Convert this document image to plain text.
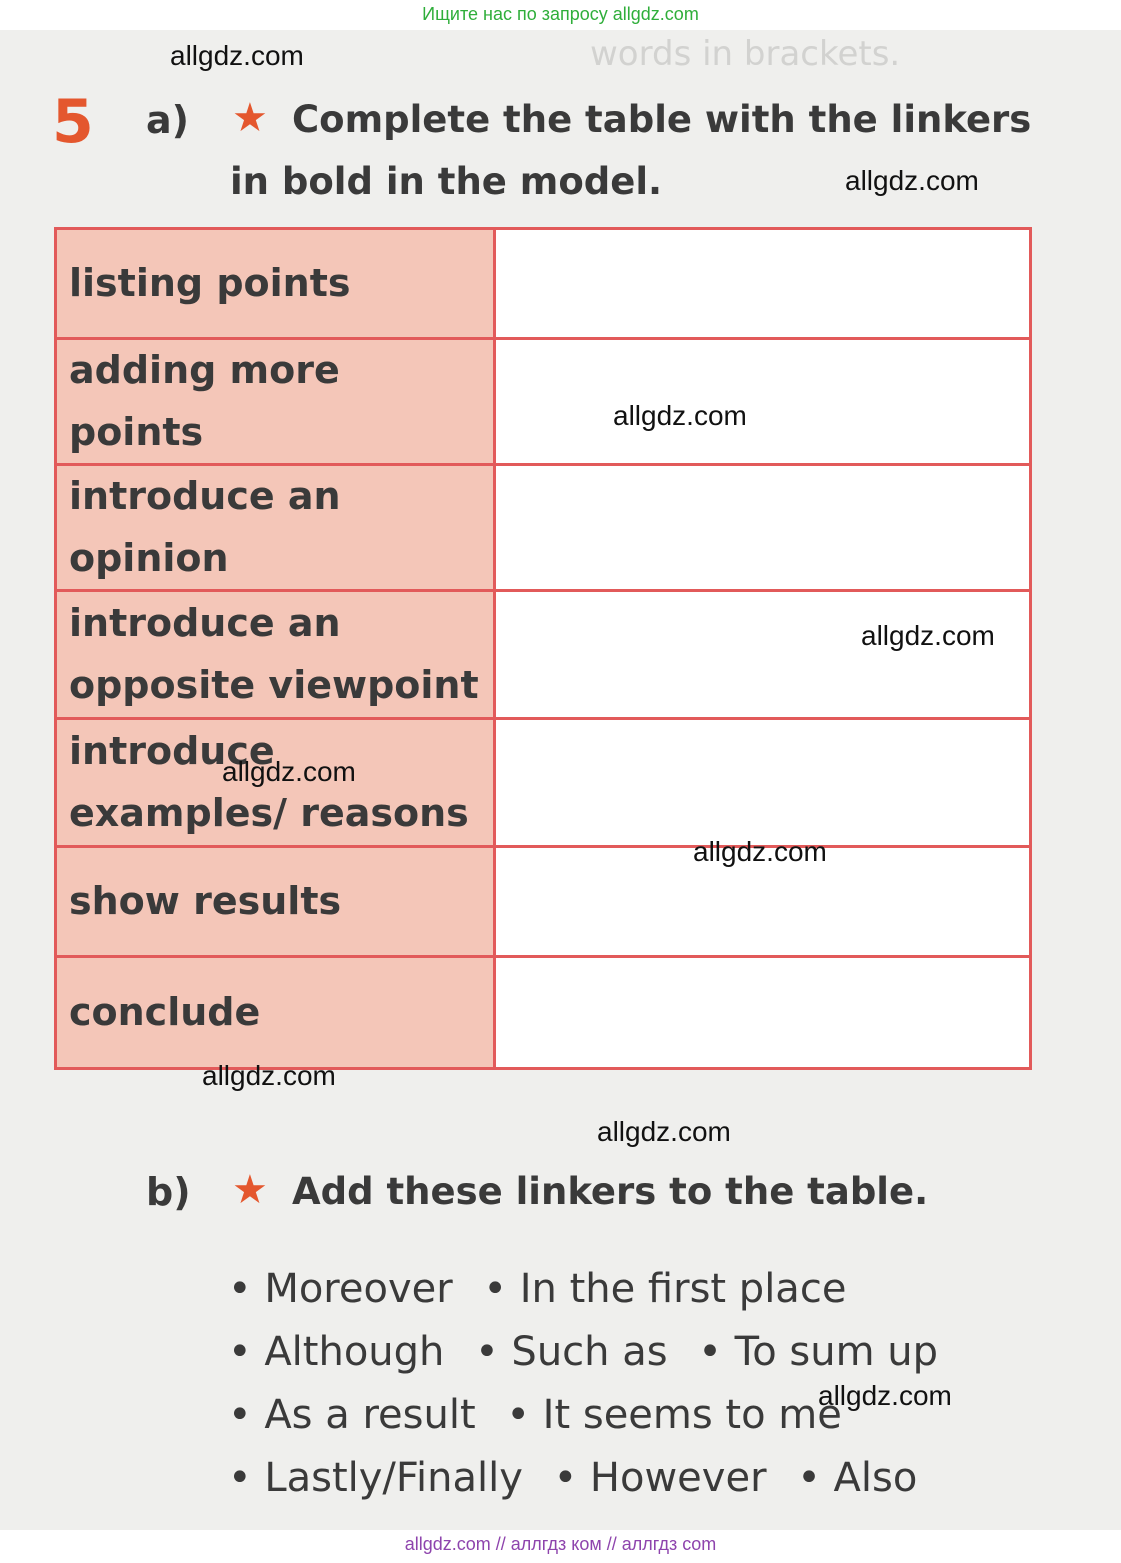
words in brackets.
Ищите нас по запросу allgdz.com
5 a) ★ Complete the table with the linkers
in bold in the model.
listing points	
adding more points	
introduce an opinion	
introduce an opposite viewpoint	
introduce examples/ reasons	
show results	
conclude	
b) ★ Add these linkers to the table.
• Moreover • In the first place
• Although • Such as • To sum up
• As a result • It seems to me
• Lastly/Finally • However • Also
allgdz.com
allgdz.com
allgdz.com
allgdz.com
allgdz.com
allgdz.com
allgdz.com
allgdz.com
allgdz.com
allgdz.com // аллгдз ком // аллгдз com
